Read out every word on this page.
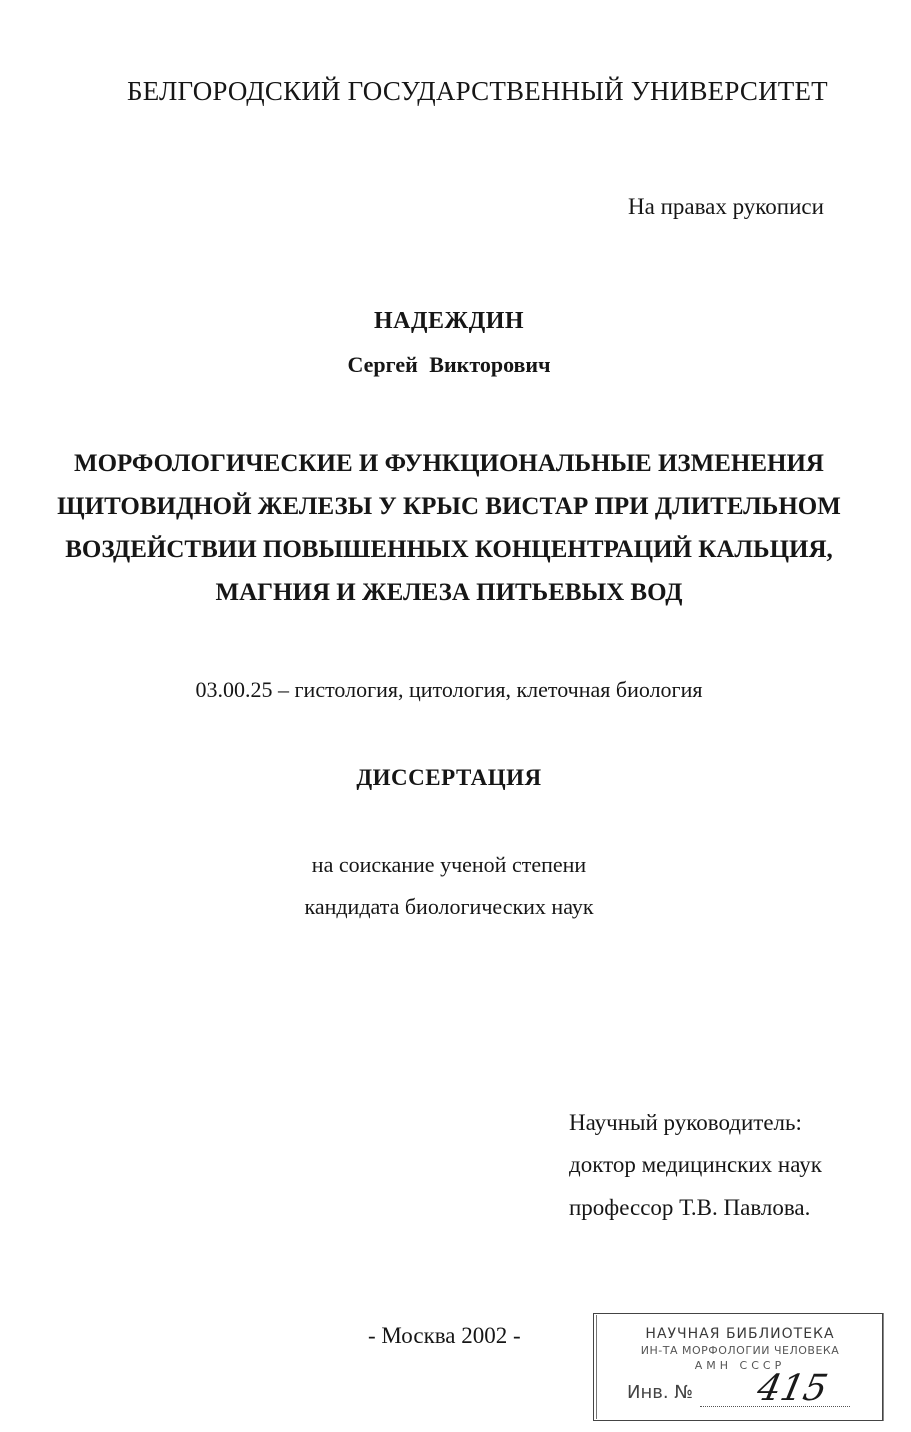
БЕЛГОРОДСКИЙ ГОСУДАРСТВЕННЫЙ УНИВЕРСИТЕТ
На правах рукописи
НАДЕЖДИН
Сергей Викторович
МОРФОЛОГИЧЕСКИЕ И ФУНКЦИОНАЛЬНЫЕ ИЗМЕНЕНИЯ
ЩИТОВИДНОЙ ЖЕЛЕЗЫ У КРЫС ВИСТАР ПРИ ДЛИТЕЛЬНОМ
ВОЗДЕЙСТВИИ ПОВЫШЕННЫХ КОНЦЕНТРАЦИЙ КАЛЬЦИЯ,
МАГНИЯ И ЖЕЛЕЗА ПИТЬЕВЫХ ВОД
03.00.25 – гистология, цитология, клеточная биология
ДИССЕРТАЦИЯ
на соискание ученой степени
кандидата биологических наук
Научный руководитель:
доктор медицинских наук
профессор Т.В. Павлова.
- Москва 2002 -	НАУЧНАЯ БИБЛИОТЕКА
ИН-ТА МОРФОЛОГИИ ЧЕЛОВЕКА
АМН СССР
Инв. № 415
